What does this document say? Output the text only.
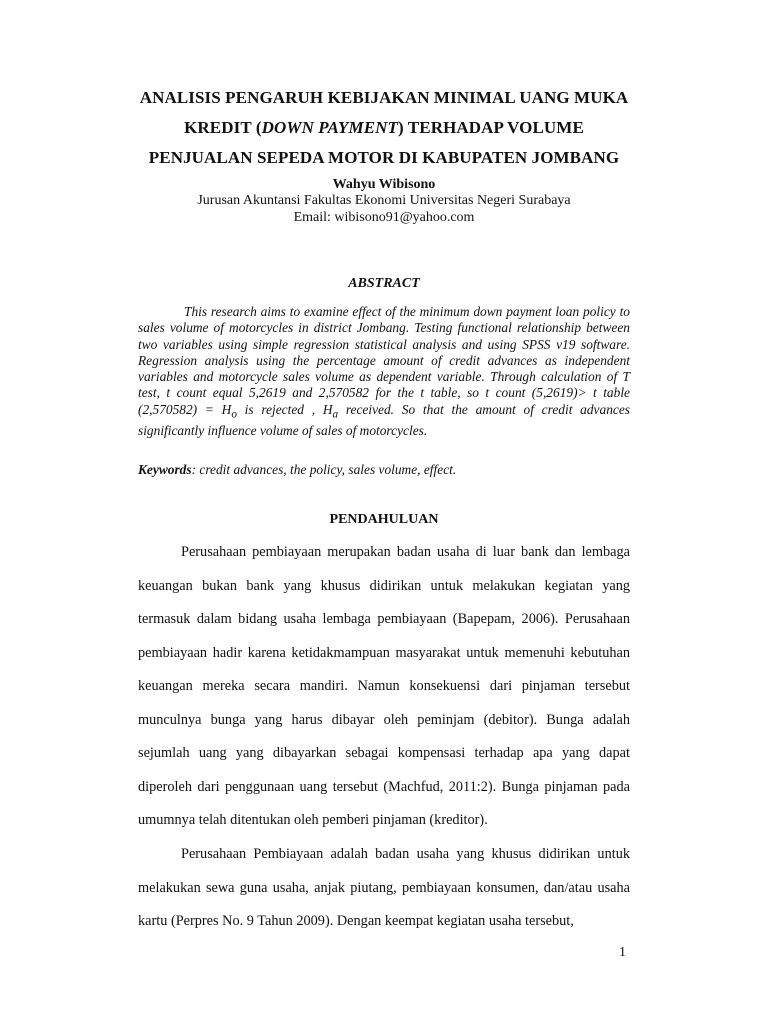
ANALISIS PENGARUH KEBIJAKAN MINIMAL UANG MUKA
KREDIT (DOWN PAYMENT) TERHADAP VOLUME
PENJUALAN SEPEDA MOTOR DI KABUPATEN JOMBANG
Wahyu Wibisono
Jurusan Akuntansi Fakultas Ekonomi Universitas Negeri Surabaya
Email: wibisono91@yahoo.com
ABSTRACT

This research aims to examine effect of the minimum down payment loan policy to sales volume of motorcycles in district Jombang. Testing functional relationship between two variables using simple regression statistical analysis and using SPSS v19 software. Regression analysis using the percentage amount of credit advances as independent variables and motorcycle sales volume as dependent variable. Through calculation of T test, t count equal 5,2619 and 2,570582 for the t table, so t count (5,2619)> t table $(2,570582) = H_o$ is rejected , $H_a$ received. So that the amount of credit advances significantly influence volume of sales of motorcycles.

Keywords: credit advances, the policy, sales volume, effect.

PENDAHULUAN

Perusahaan pembiayaan merupakan badan usaha di luar bank dan lembaga keuangan bukan bank yang khusus didirikan untuk melakukan kegiatan yang termasuk dalam bidang usaha lembaga pembiayaan (Bapepam, 2006). Perusahaan pembiayaan hadir karena ketidakmampuan masyarakat untuk memenuhi kebutuhan keuangan mereka secara mandiri. Namun konsekuensi dari pinjaman tersebut munculnya bunga yang harus dibayar oleh peminjam (debitor). Bunga adalah sejumlah uang yang dibayarkan sebagai kompensasi terhadap apa yang dapat diperoleh dari penggunaan uang tersebut (Machfud, 2011:2). Bunga pinjaman pada umumnya telah ditentukan oleh pemberi pinjaman (kreditor).

Perusahaan Pembiayaan adalah badan usaha yang khusus didirikan untuk melakukan sewa guna usaha, anjak piutang, pembiayaan konsumen, dan/atau usaha kartu (Perpres No. 9 Tahun 2009). Dengan keempat kegiatan usaha tersebut,

1
